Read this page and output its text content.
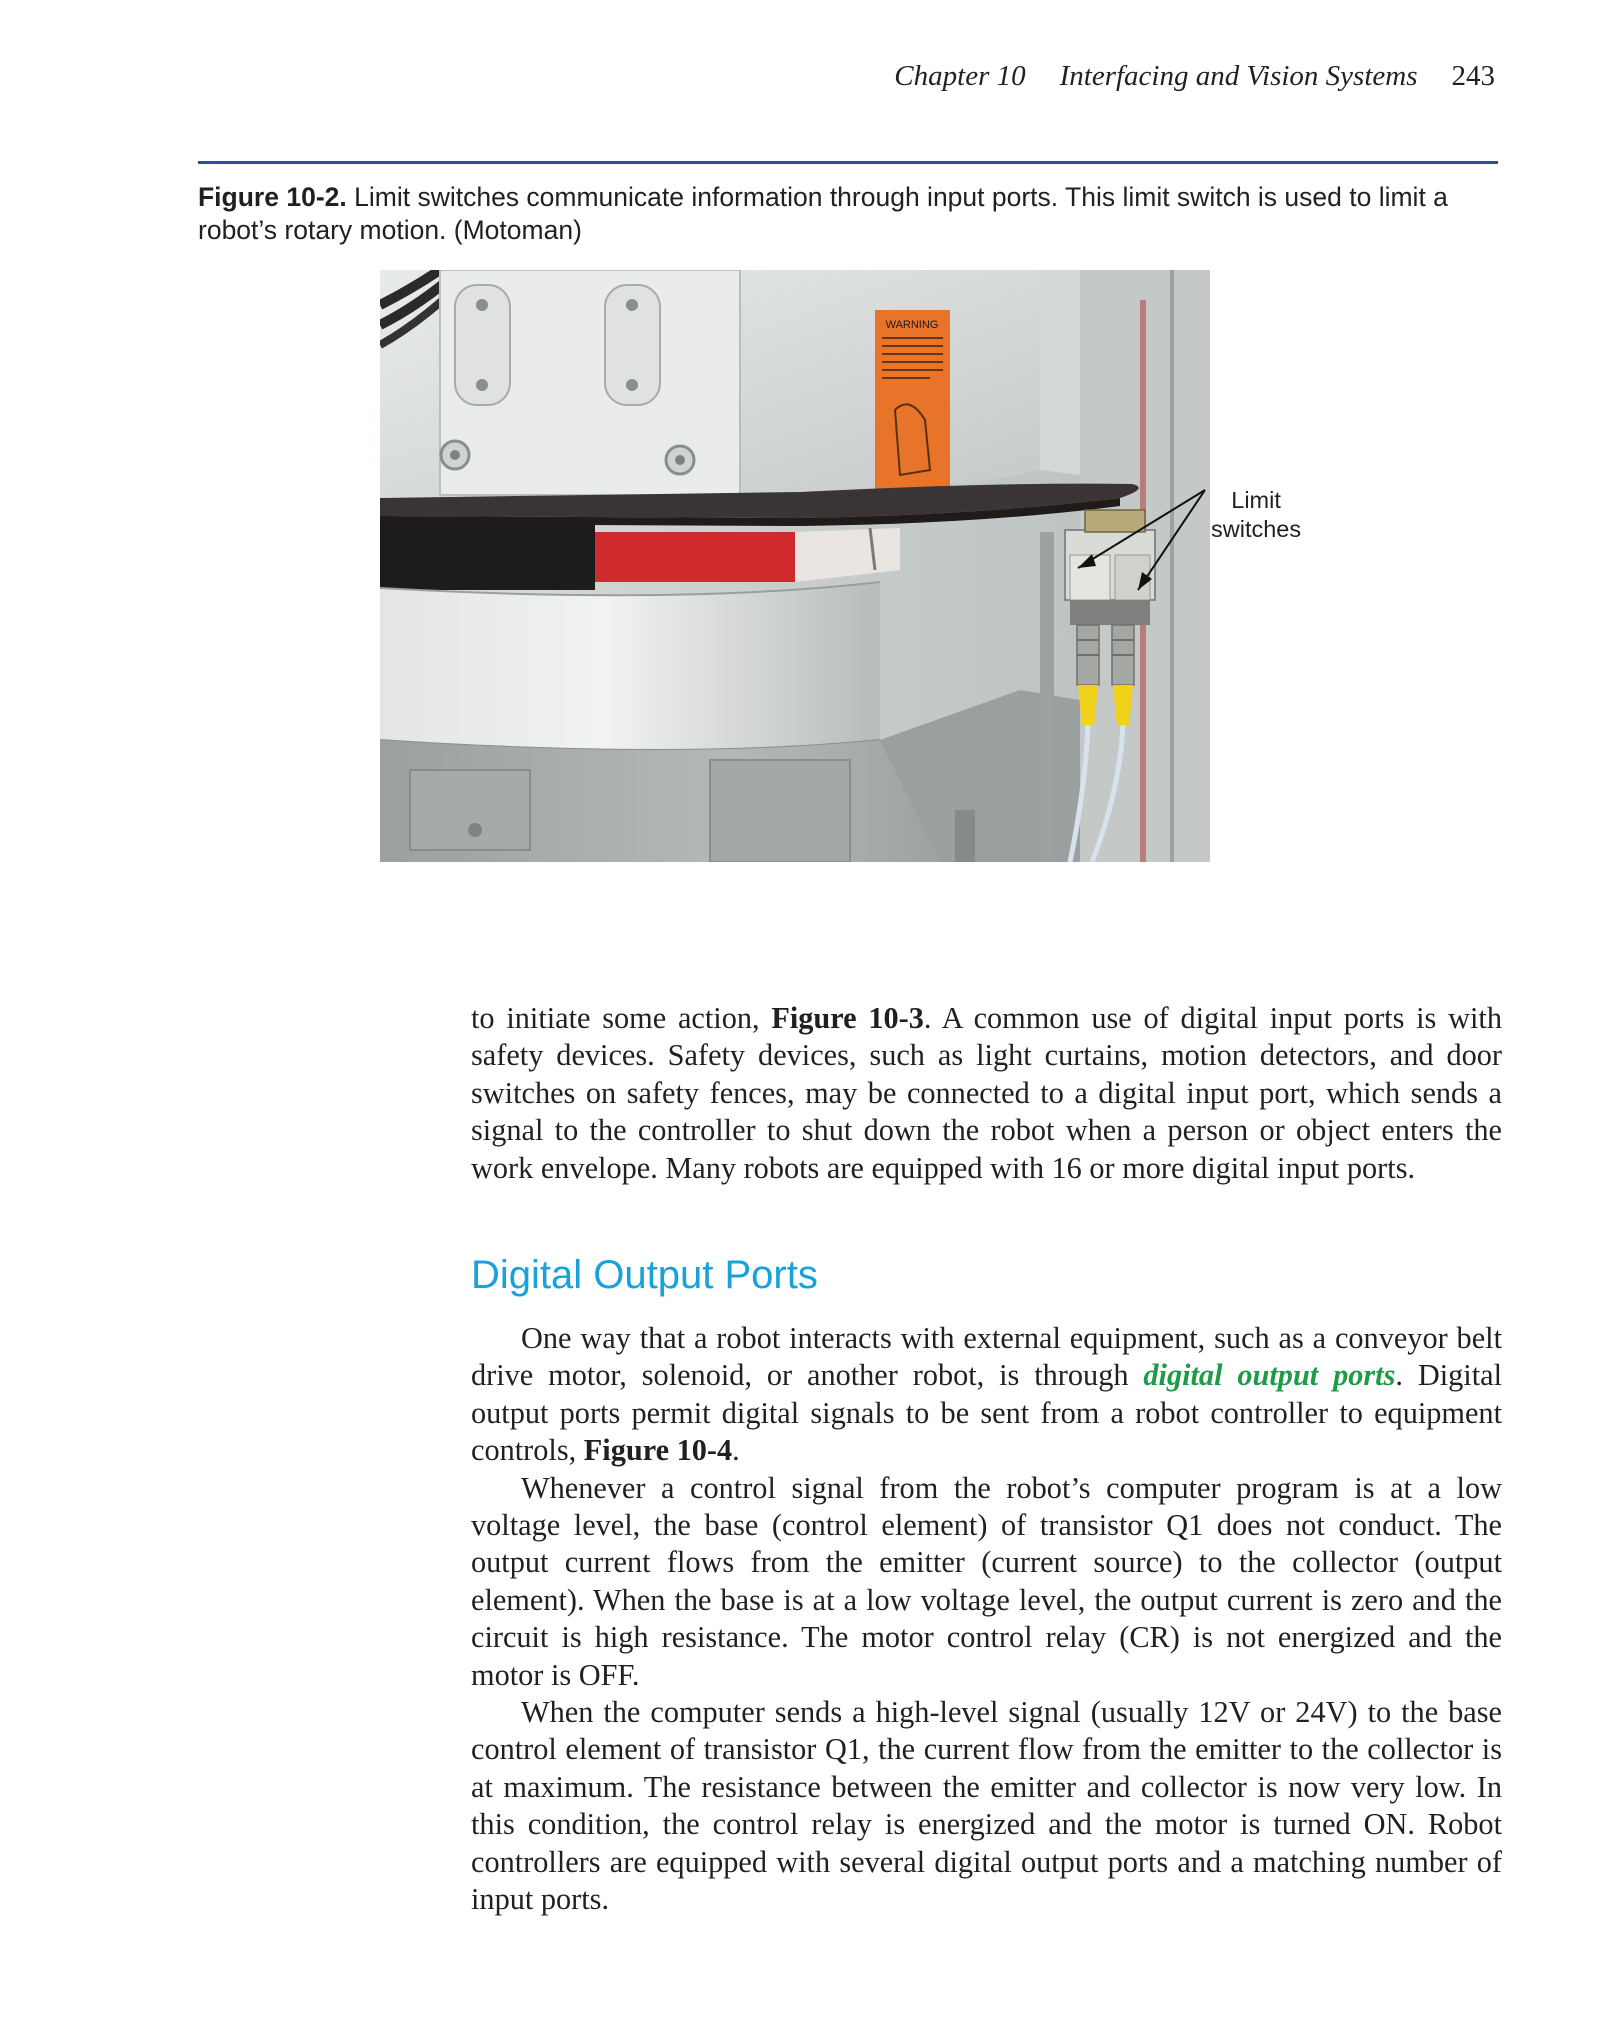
Chapter 10 Interfacing and Vision Systems 243
Figure 10-2. Limit switches communicate information through input ports. This limit switch is used to limit a robot’s rotary motion. (Motoman)
WARNING
Limit
switches

to initiate some action, Figure 10-3. A common use of digital input ports is with safety devices. Safety devices, such as light curtains, motion detectors, and door switches on safety fences, may be connected to a digital input port, which sends a signal to the controller to shut down the robot when a person or object enters the work envelope. Many robots are equipped with 16 or more digital input ports.

Digital Output Ports

One way that a robot interacts with external equipment, such as a conveyor belt drive motor, solenoid, or another robot, is through digital output ports. Digital output ports permit digital signals to be sent from a robot controller to equipment controls, Figure 10-4.

Whenever a control signal from the robot’s computer program is at a low voltage level, the base (control element) of transistor Q1 does not conduct. The output current flows from the emitter (current source) to the collector (output element). When the base is at a low voltage level, the output current is zero and the circuit is high resistance. The motor control relay (CR) is not energized and the motor is OFF.

When the computer sends a high-level signal (usually 12V or 24V) to the base control element of transistor Q1, the current flow from the emitter to the collector is at maximum. The resistance between the emitter and collector is now very low. In this condition, the control relay is energized and the motor is turned ON. Robot controllers are equipped with several digital output ports and a matching number of input ports.
